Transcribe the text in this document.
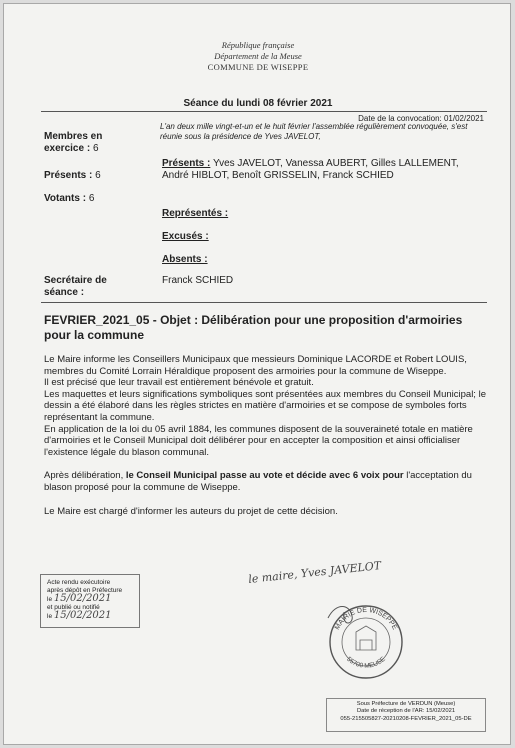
République française
Département de la Meuse
COMMUNE DE WISEPPE
Séance du lundi 08 février 2021
Date de la convocation: 01/02/2021
L'an deux mille vingt-et-un et le huit février l'assemblée régulièrement convoquée, s'est réunie sous la présidence de Yves JAVELOT,
Membres en exercice : 6
Présents : 6
Votants : 6
Présents : Yves JAVELOT, Vanessa AUBERT, Gilles LALLEMENT, André HIBLOT, Benoît GRISSELIN, Franck SCHIED
Représentés :
Excusés :
Absents :
Secrétaire de séance :
Franck SCHIED
FEVRIER_2021_05 - Objet : Délibération pour une proposition d'armoiries pour la commune

Le Maire informe les Conseillers Municipaux que messieurs Dominique LACORDE et Robert LOUIS, membres du Comité Lorrain Héraldique proposent des armoiries pour la commune de Wiseppe.

Il est précisé que leur travail est entièrement bénévole et gratuit.

Les maquettes et leurs significations symboliques sont présentées aux membres du Conseil Municipal; le dessin a été élaboré dans les règles strictes en matière d'armoiries et se compose de symboles forts représentant la commune.

En application de la loi du 05 avril 1884, les communes disposent de la souveraineté totale en matière d'armoiries et le Conseil Municipal doit délibérer pour en accepter la composition et ainsi officialiser l'existence légale du blason communal.

Après délibération, le Conseil Municipal passe au vote et décide avec 6 voix pour l'acceptation du blason proposé pour la commune de Wiseppe.

Le Maire est chargé d'informer les auteurs du projet de cette décision.

Acte rendu exécutoire
après dépôt en Préfecture
le 15/02/2021
et publié ou notifié
le 15/02/2021
le maire, Yves JAVELOT
MAIRIE DE WISEPPE
55700 MEUSE
Sous Préfecture de VERDUN (Meuse)
Date de réception de l'AR: 15/02/2021
055-215505827-20210208-FEVRIER_2021_05-DE
